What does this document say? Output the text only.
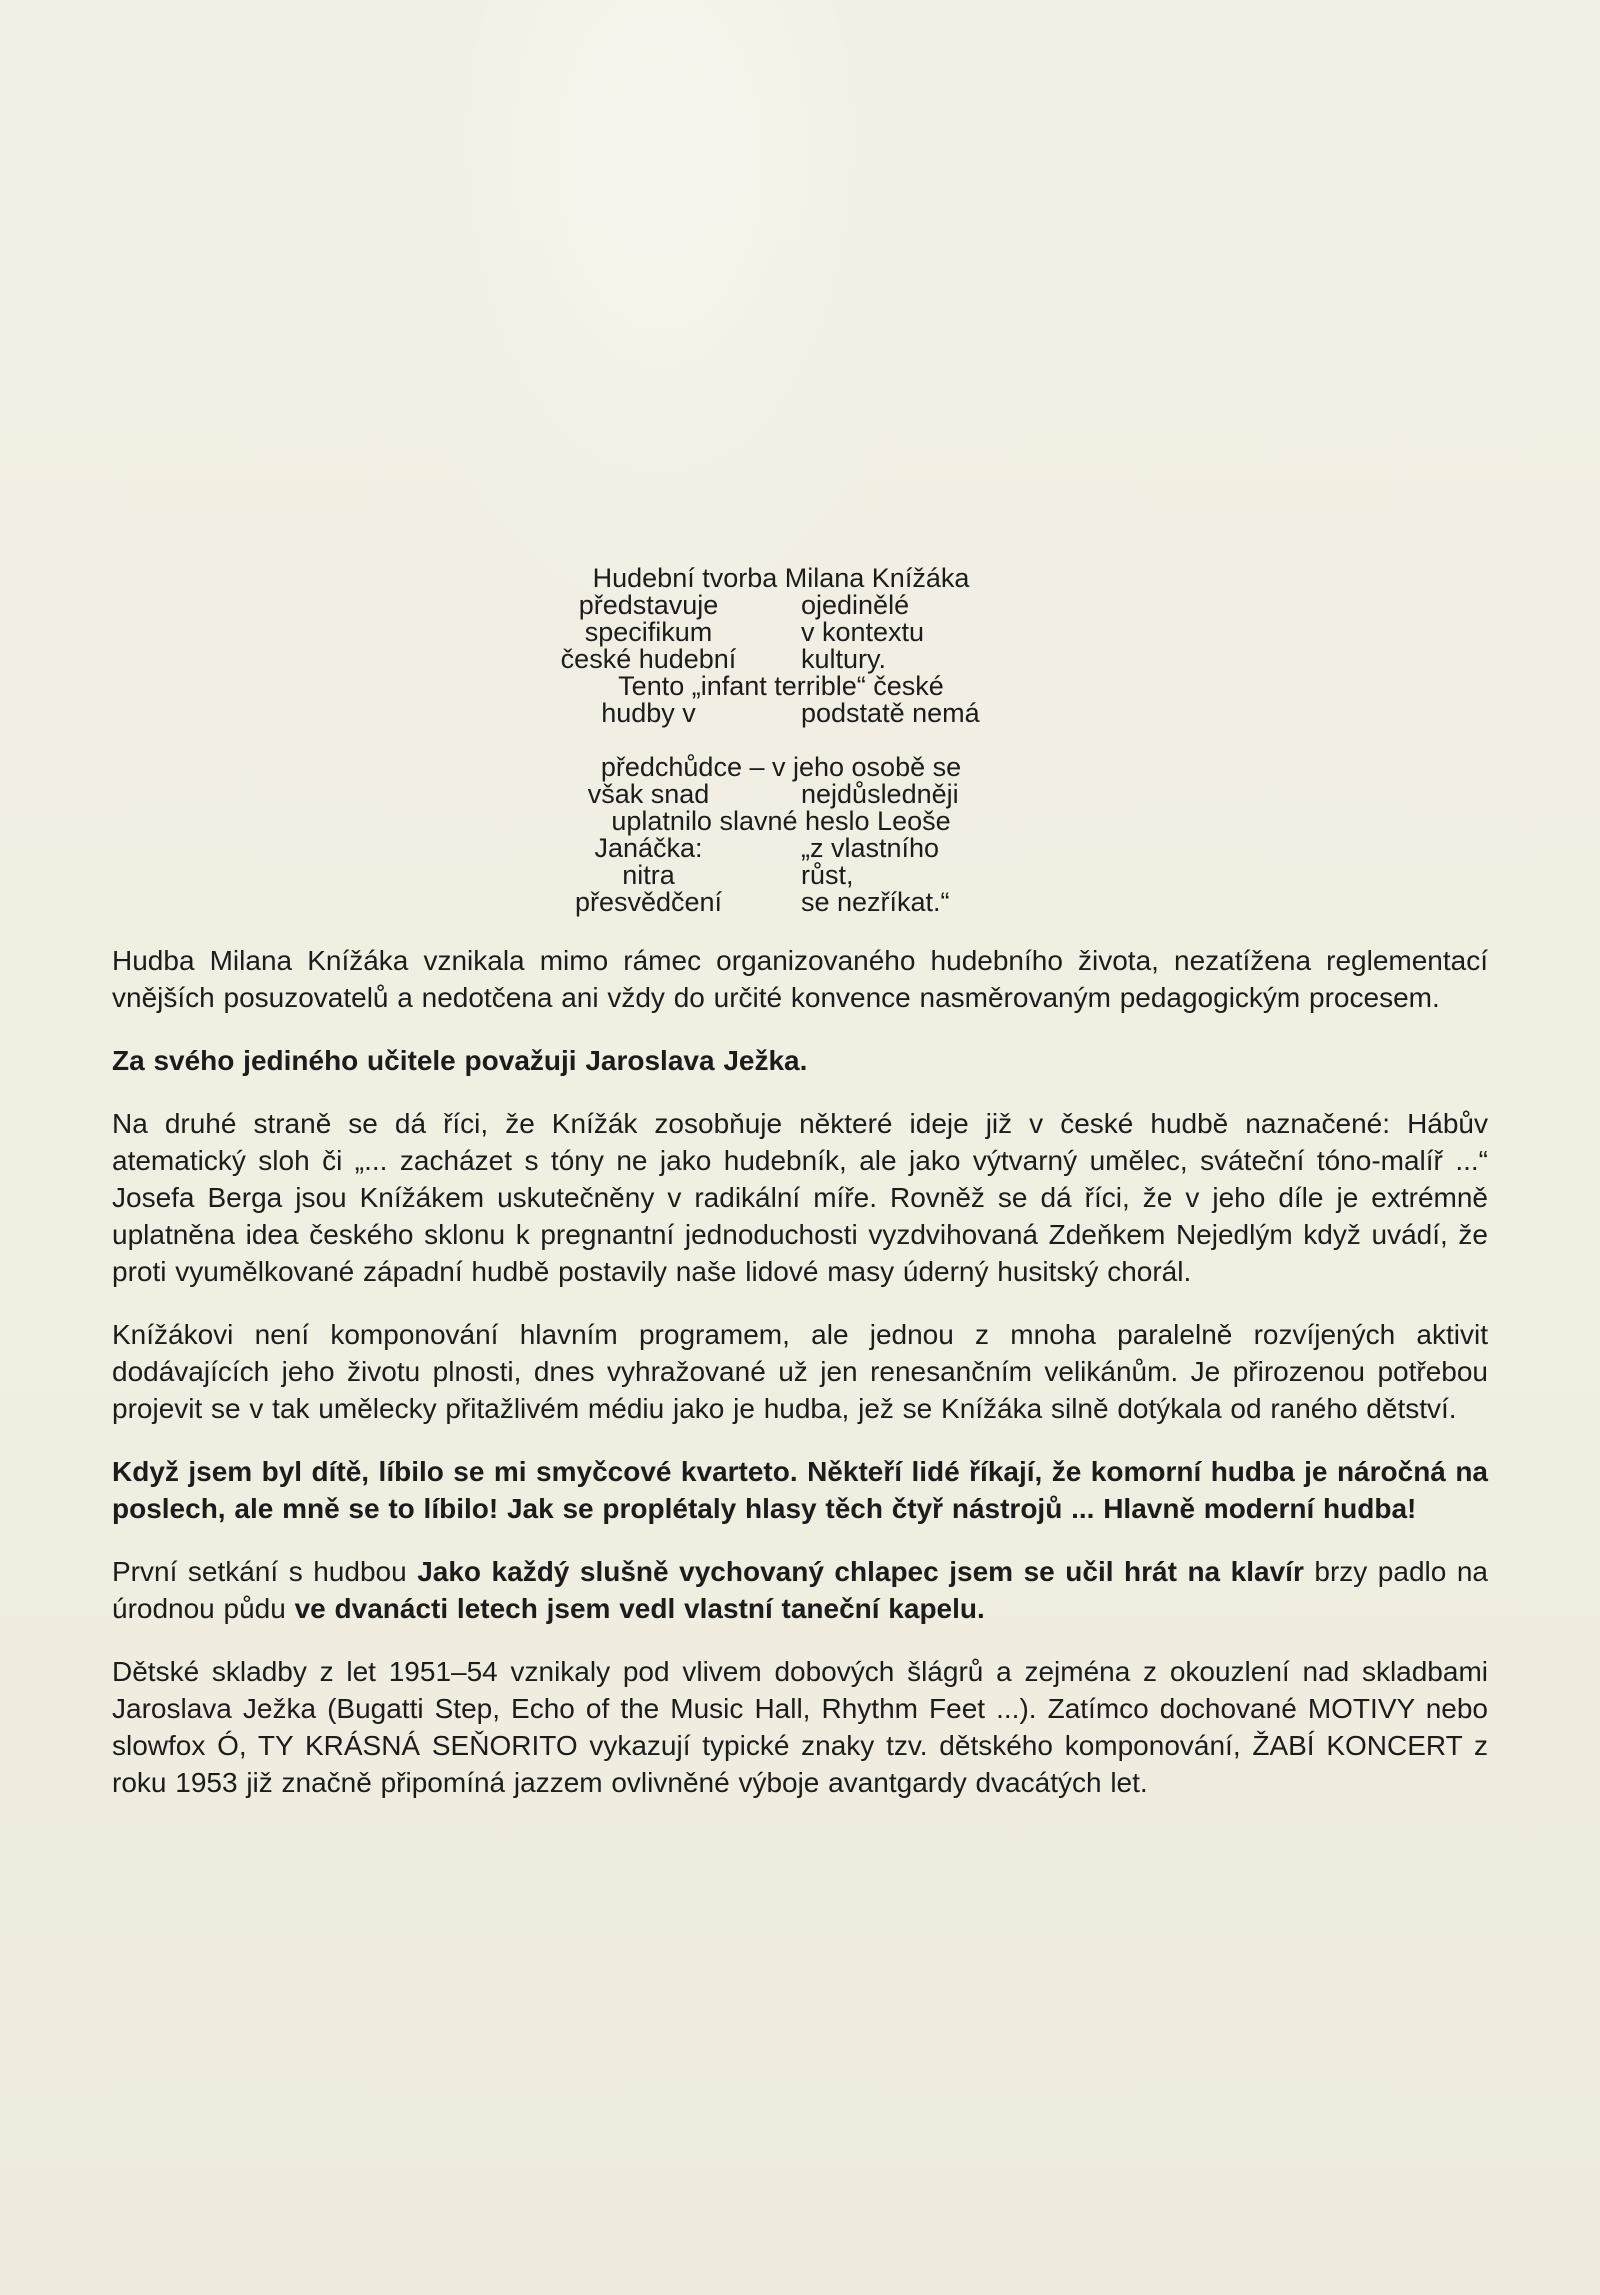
Hudební tvorba Milana Knížáka
představuje	ojedinělé
specifikum	v kontextu
české hudební kultury.
Tento „infant terrible“ české
hudby v	podstatě nemá
předchůdce – v jeho osobě se
však snad	nejdůsledněji
uplatnilo slavné heslo Leoše
Janáčka:	„z vlastního
nitra	růst,
přesvědčení	se nezříkat.“

Hudba Milana Knížáka vznikala mimo rámec organizovaného hudebního života, nezatížena reglementací vnějších posuzovatelů a nedotčena ani vždy do určité konvence nasměrovaným pedagogickým procesem.

Za svého jediného učitele považuji Jaroslava Ježka.

Na druhé straně se dá říci, že Knížák zosobňuje některé ideje již v české hudbě naznačené: Hábův atematický sloh či „... zacházet s tóny ne jako hudebník, ale jako výtvarný umělec, sváteční tóno-malíř ...“ Josefa Berga jsou Knížákem uskutečněny v radikální míře. Rovněž se dá říci, že v jeho díle je extrémně uplatněna idea českého sklonu k pregnantní jednoduchosti vyzdvihovaná Zdeňkem Nejedlým když uvádí, že proti vyumělkované západní hudbě postavily naše lidové masy úderný husitský chorál.

Knížákovi není komponování hlavním programem, ale jednou z mnoha paralelně rozvíjených aktivit dodávajících jeho životu plnosti, dnes vyhražované už jen renesančním velikánům. Je přirozenou potřebou projevit se v tak umělecky přitažlivém médiu jako je hudba, jež se Knížáka silně dotýkala od raného dětství.

Když jsem byl dítě, líbilo se mi smyčcové kvarteto. Někteří lidé říkají, že komorní hudba je náročná na poslech, ale mně se to líbilo! Jak se proplétaly hlasy těch čtyř nástrojů ... Hlavně moderní hudba!

První setkání s hudbou Jako každý slušně vychovaný chlapec jsem se učil hrát na klavír brzy padlo na úrodnou půdu ve dvanácti letech jsem vedl vlastní taneční kapelu.

Dětské skladby z let 1951–54 vznikaly pod vlivem dobových šlágrů a zejména z okouzlení nad skladbami Jaroslava Ježka (Bugatti Step, Echo of the Music Hall, Rhythm Feet ...). Zatímco dochované MOTIVY nebo slowfox Ó, TY KRÁSNÁ SEŇORITO vykazují typické znaky tzv. dětského komponování, ŽABÍ KONCERT z roku 1953 již značně připomíná jazzem ovlivněné výboje avantgardy dvacátých let.
